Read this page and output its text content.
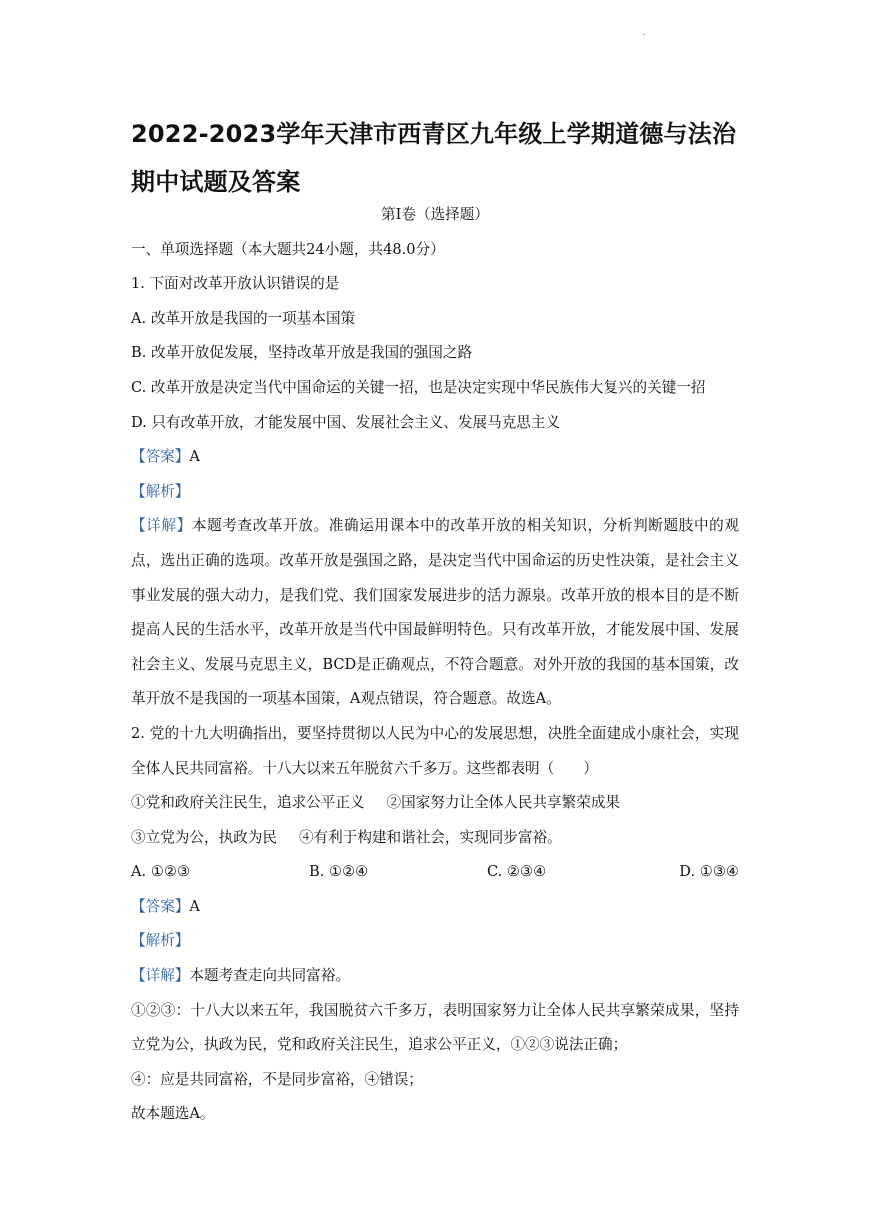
·
2022-2023学年天津市西青区九年级上学期道德与法治期中试题及答案
第Ⅰ卷（选择题）
一、单项选择题（本大题共24小题，共48.0分）
1. 下面对改革开放认识错误的是
A. 改革开放是我国的一项基本国策
B. 改革开放促发展，坚持改革开放是我国的强国之路
C. 改革开放是决定当代中国命运的关键一招，也是决定实现中华民族伟大复兴的关键一招
D. 只有改革开放，才能发展中国、发展社会主义、发展马克思主义
【答案】A
【解析】
【详解】本题考查改革开放。准确运用课本中的改革开放的相关知识，分析判断题肢中的观点，选出正确的选项。改革开放是强国之路，是决定当代中国命运的历史性决策，是社会主义事业发展的强大动力，是我们党、我们国家发展进步的活力源泉。改革开放的根本目的是不断提高人民的生活水平，改革开放是当代中国最鲜明特色。只有改革开放，才能发展中国、发展社会主义、发展马克思主义，BCD是正确观点，不符合题意。对外开放的我国的基本国策，改革开放不是我国的一项基本国策，A观点错误，符合题意。故选A。
2. 党的十九大明确指出，要坚持贯彻以人民为中心的发展思想，决胜全面建成小康社会，实现全体人民共同富裕。十八大以来五年脱贫六千多万。这些都表明（　　）
①党和政府关注民生，追求公平正义 ②国家努力让全体人民共享繁荣成果
③立党为公，执政为民 ④有利于构建和谐社会，实现同步富裕。
A. ①②③	B. ①②④	C. ②③④	D. ①③④
【答案】A
【解析】
【详解】本题考查走向共同富裕。
①②③：十八大以来五年，我国脱贫六千多万，表明国家努力让全体人民共享繁荣成果，坚持立党为公，执政为民，党和政府关注民生，追求公平正义，①②③说法正确；
④：应是共同富裕，不是同步富裕，④错误；
故本题选A。
